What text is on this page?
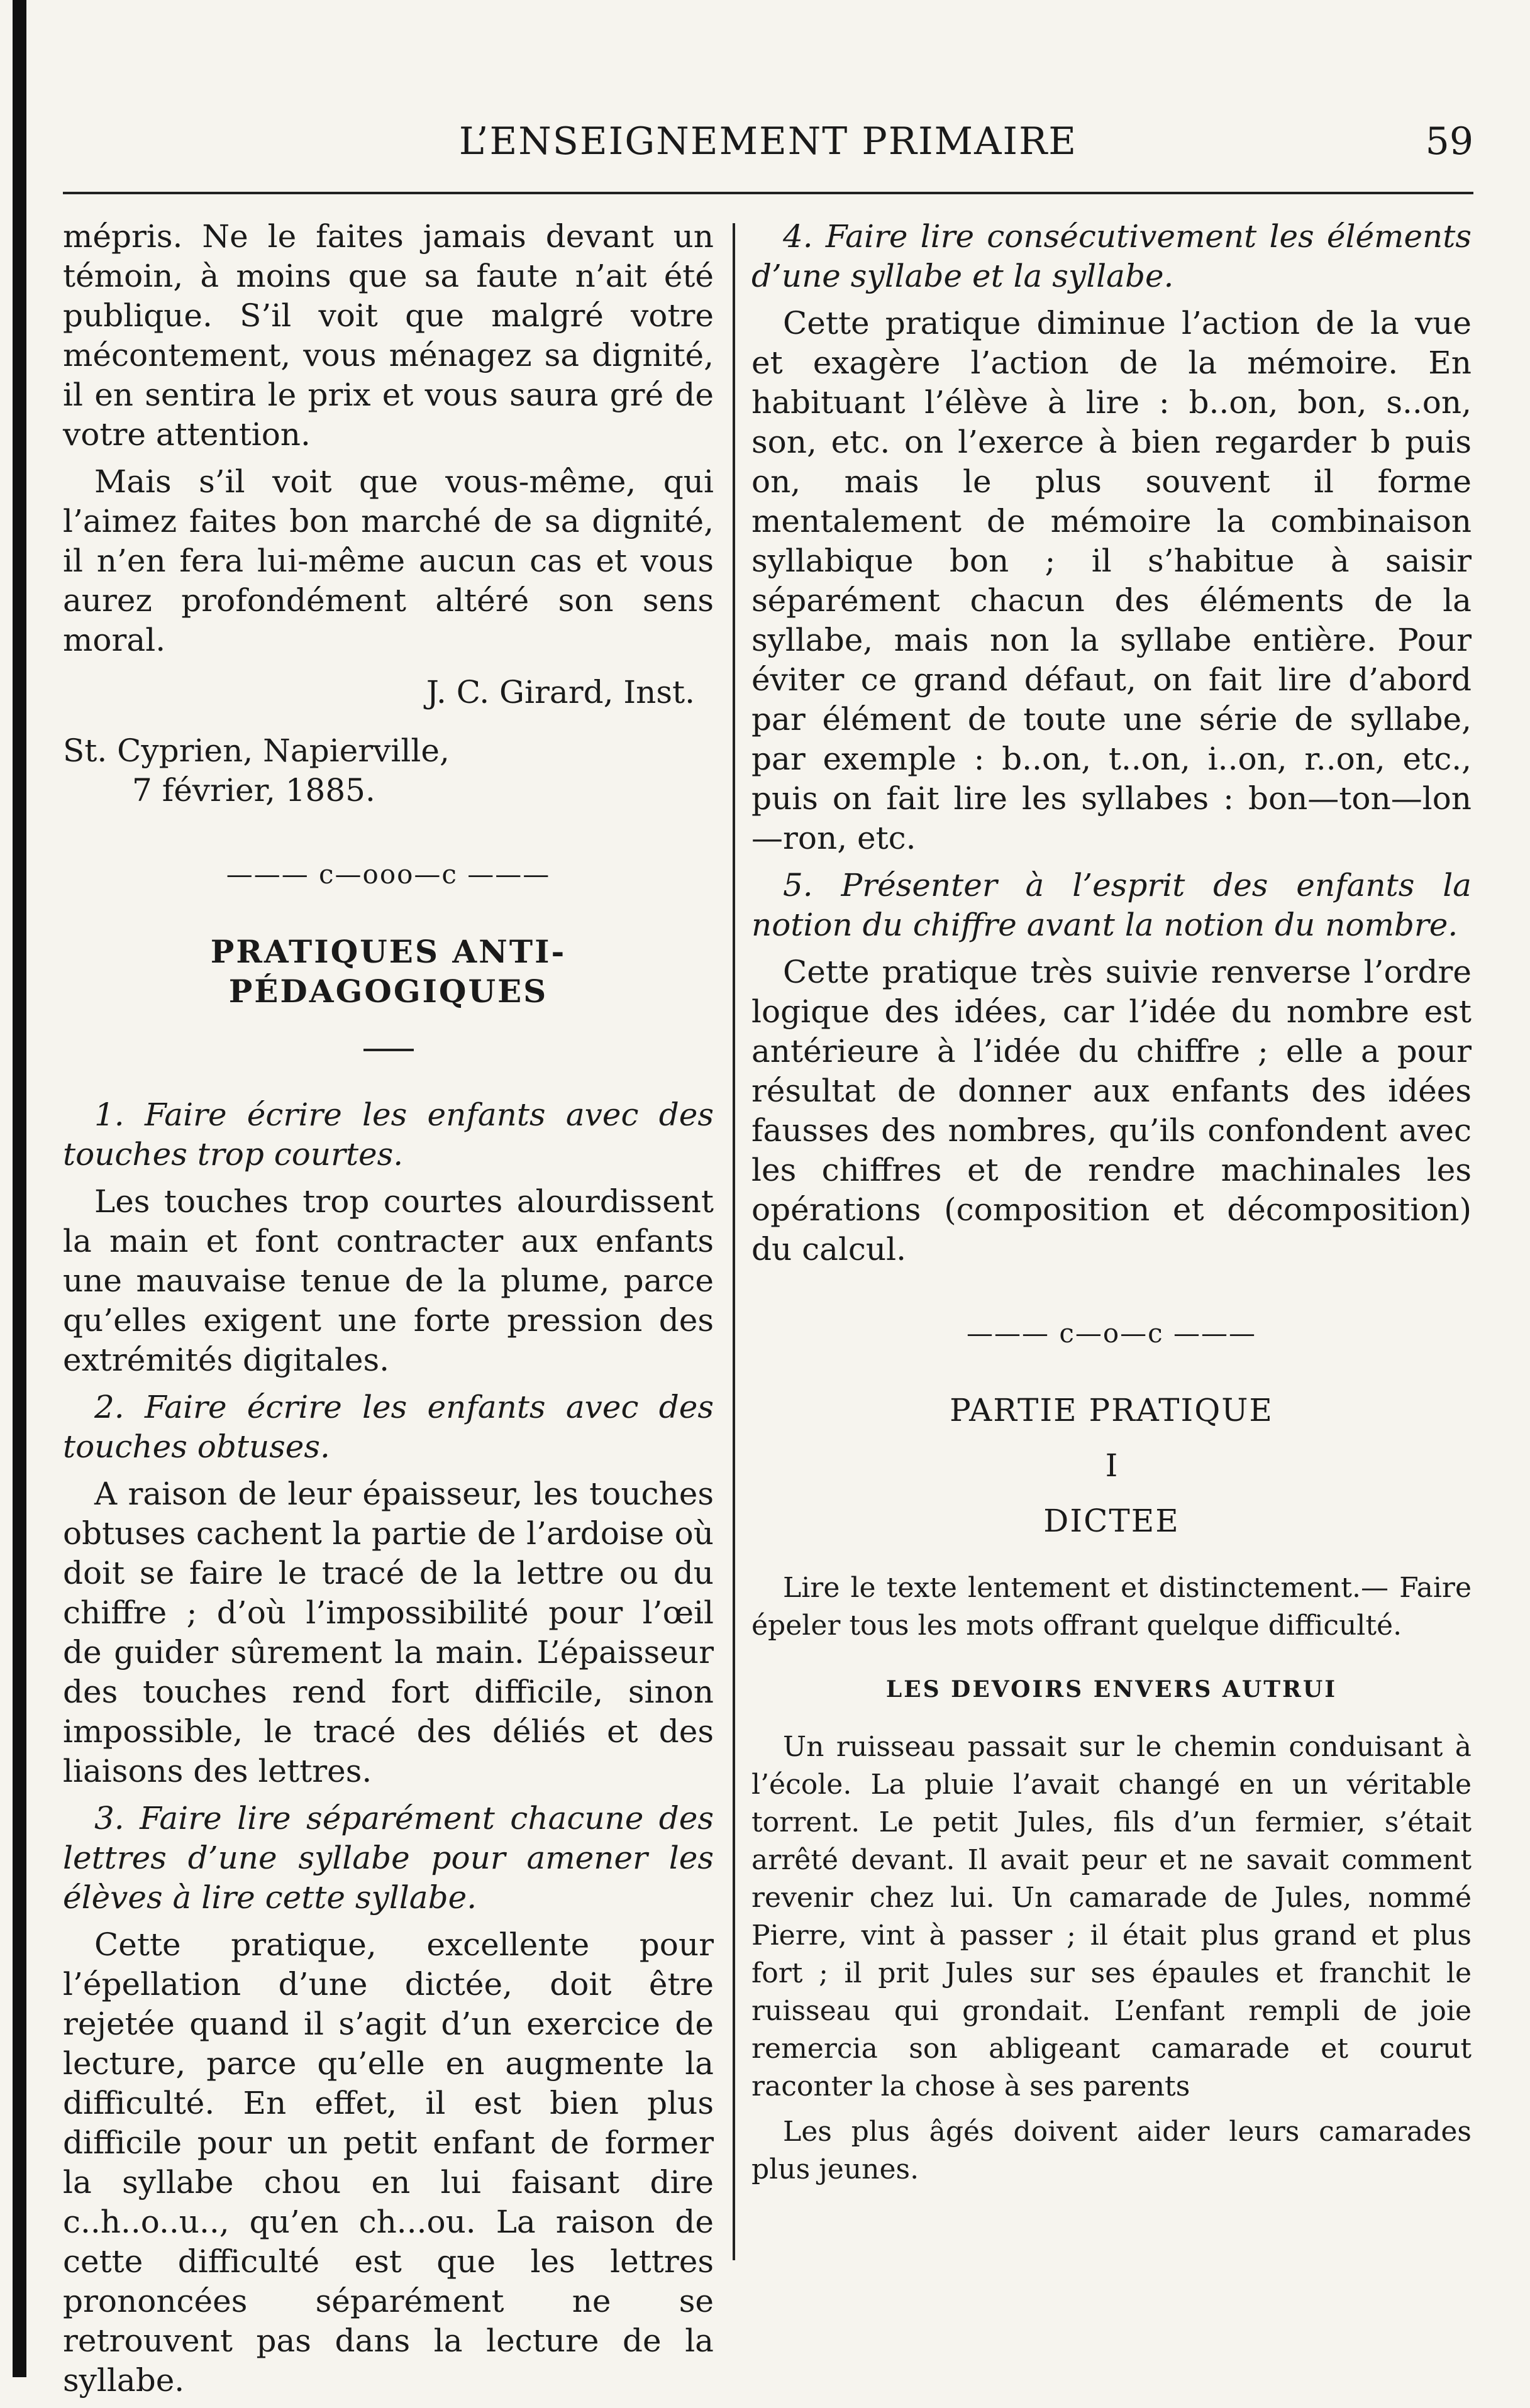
L’ENSEIGNEMENT PRIMAIRE	59

mépris. Ne le faites jamais devant un témoin, à moins que sa faute n’ait été publique. S’il voit que malgré votre mécontement, vous ménagez sa dignité, il en sentira le prix et vous saura gré de votre attention.

Mais s’il voit que vous-même, qui l’aimez faites bon marché de sa dignité, il n’en fera lui-même aucun cas et vous aurez profondément altéré son sens moral.

J. C. Girard, Inst.

St. Cyprien, Napierville,

7 février, 1885.

——— c—ooo—c ———
PRATIQUES ANTI-PÉDAGOGIQUES

1. Faire écrire les enfants avec des touches trop courtes.

Les touches trop courtes alourdissent la main et font contracter aux enfants une mauvaise tenue de la plume, parce qu’elles exigent une forte pression des extrémités digitales.

2. Faire écrire les enfants avec des touches obtuses.

A raison de leur épaisseur, les touches obtuses cachent la partie de l’ardoise où doit se faire le tracé de la lettre ou du chiffre ; d’où l’impossibilité pour l’œil de guider sûrement la main. L’épaisseur des touches rend fort difficile, sinon impossible, le tracé des déliés et des liaisons des lettres.

3. Faire lire séparément chacune des lettres d’une syllabe pour amener les élèves à lire cette syllabe.

Cette pratique, excellente pour l’épellation d’une dictée, doit être rejetée quand il s’agit d’un exercice de lecture, parce qu’elle en augmente la difficulté. En effet, il est bien plus difficile pour un petit enfant de former la syllabe chou en lui faisant dire c..h..o..u.., qu’en ch...ou. La raison de cette difficulté est que les lettres prononcées séparément ne se retrouvent pas dans la lecture de la syllabe.

4. Faire lire consécutivement les éléments d’une syllabe et la syllabe.

Cette pratique diminue l’action de la vue et exagère l’action de la mémoire. En habituant l’élève à lire : b..on, bon, s..on, son, etc. on l’exerce à bien regarder b puis on, mais le plus souvent il forme mentalement de mémoire la combinaison syllabique bon ; il s’habitue à saisir séparément chacun des éléments de la syllabe, mais non la syllabe entière. Pour éviter ce grand défaut, on fait lire d’abord par élément de toute une série de syllabe, par exemple : b..on, t..on, i..on, r..on, etc., puis on fait lire les syllabes : bon—ton—lon—ron, etc.

5. Présenter à l’esprit des enfants la notion du chiffre avant la notion du nombre.

Cette pratique très suivie renverse l’ordre logique des idées, car l’idée du nombre est antérieure à l’idée du chiffre ; elle a pour résultat de donner aux enfants des idées fausses des nombres, qu’ils confondent avec les chiffres et de rendre machinales les opérations (composition et décomposition) du calcul.

——— c—o—c ———
PARTIE PRATIQUE
I
DICTEE

Lire le texte lentement et distinctement.— Faire épeler tous les mots offrant quelque difficulté.

LES DEVOIRS ENVERS AUTRUI

Un ruisseau passait sur le chemin conduisant à l’école. La pluie l’avait changé en un véritable torrent. Le petit Jules, fils d’un fermier, s’était arrêté devant. Il avait peur et ne savait comment revenir chez lui. Un camarade de Jules, nommé Pierre, vint à passer ; il était plus grand et plus fort ; il prit Jules sur ses épaules et franchit le ruisseau qui grondait. L’enfant rempli de joie remercia son abligeant camarade et courut raconter la chose à ses parents

Les plus âgés doivent aider leurs camarades plus jeunes.
